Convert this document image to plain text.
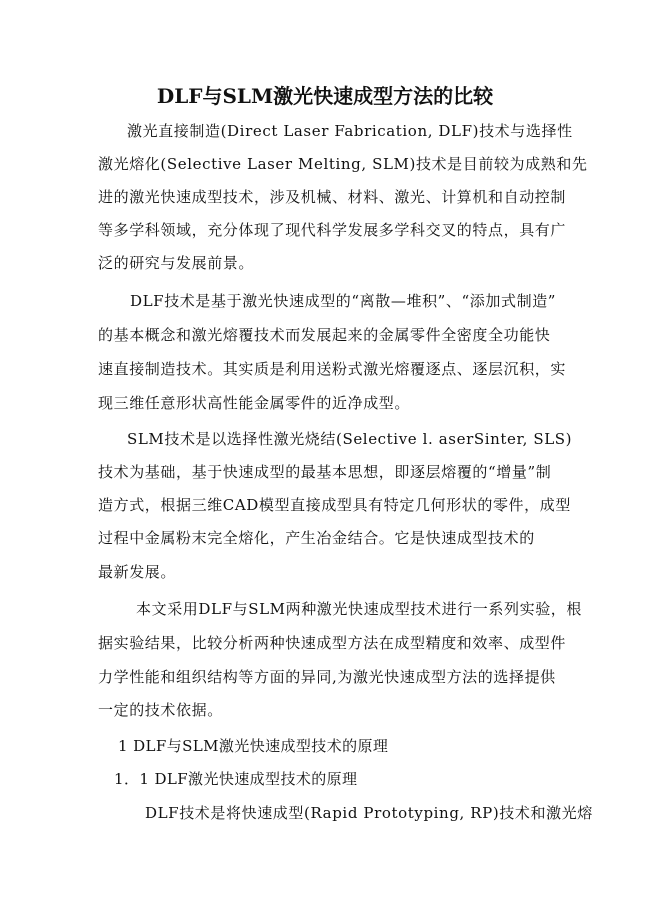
DLF与SLM激光快速成型方法的比较
激光直接制造(Direct Laser Fabrication, DLF)技术与选择性
激光熔化(Selective Laser Melting, SLM)技术是目前较为成熟和先
进的激光快速成型技术，涉及机械、材料、激光、计算机和自动控制
等多学科领域，充分体现了现代科学发展多学科交叉的特点，具有广
泛的研究与发展前景。
DLF技术是基于激光快速成型的“离散—堆积”、“添加式制造”
的基本概念和激光熔覆技术而发展起来的金属零件全密度全功能快
速直接制造技术。其实质是利用送粉式激光熔覆逐点、逐层沉积，实
现三维任意形状高性能金属零件的近净成型。
SLM技术是以选择性激光烧结(Selective l. aserSinter, SLS)
技术为基础，基于快速成型的最基本思想，即逐层熔覆的“增量”制
造方式，根据三维CAD模型直接成型具有特定几何形状的零件，成型
过程中金属粉末完全熔化，产生冶金结合。它是快速成型技术的
最新发展。
本文采用DLF与SLM两种激光快速成型技术进行一系列实验，根
据实验结果，比较分析两种快速成型方法在成型精度和效率、成型件
力学性能和组织结构等方面的异同,为激光快速成型方法的选择提供
一定的技术依据。
1 DLF与SLM激光快速成型技术的原理
1．1 DLF激光快速成型技术的原理
DLF技术是将快速成型(Rapid Prototyping, RP)技术和激光熔
